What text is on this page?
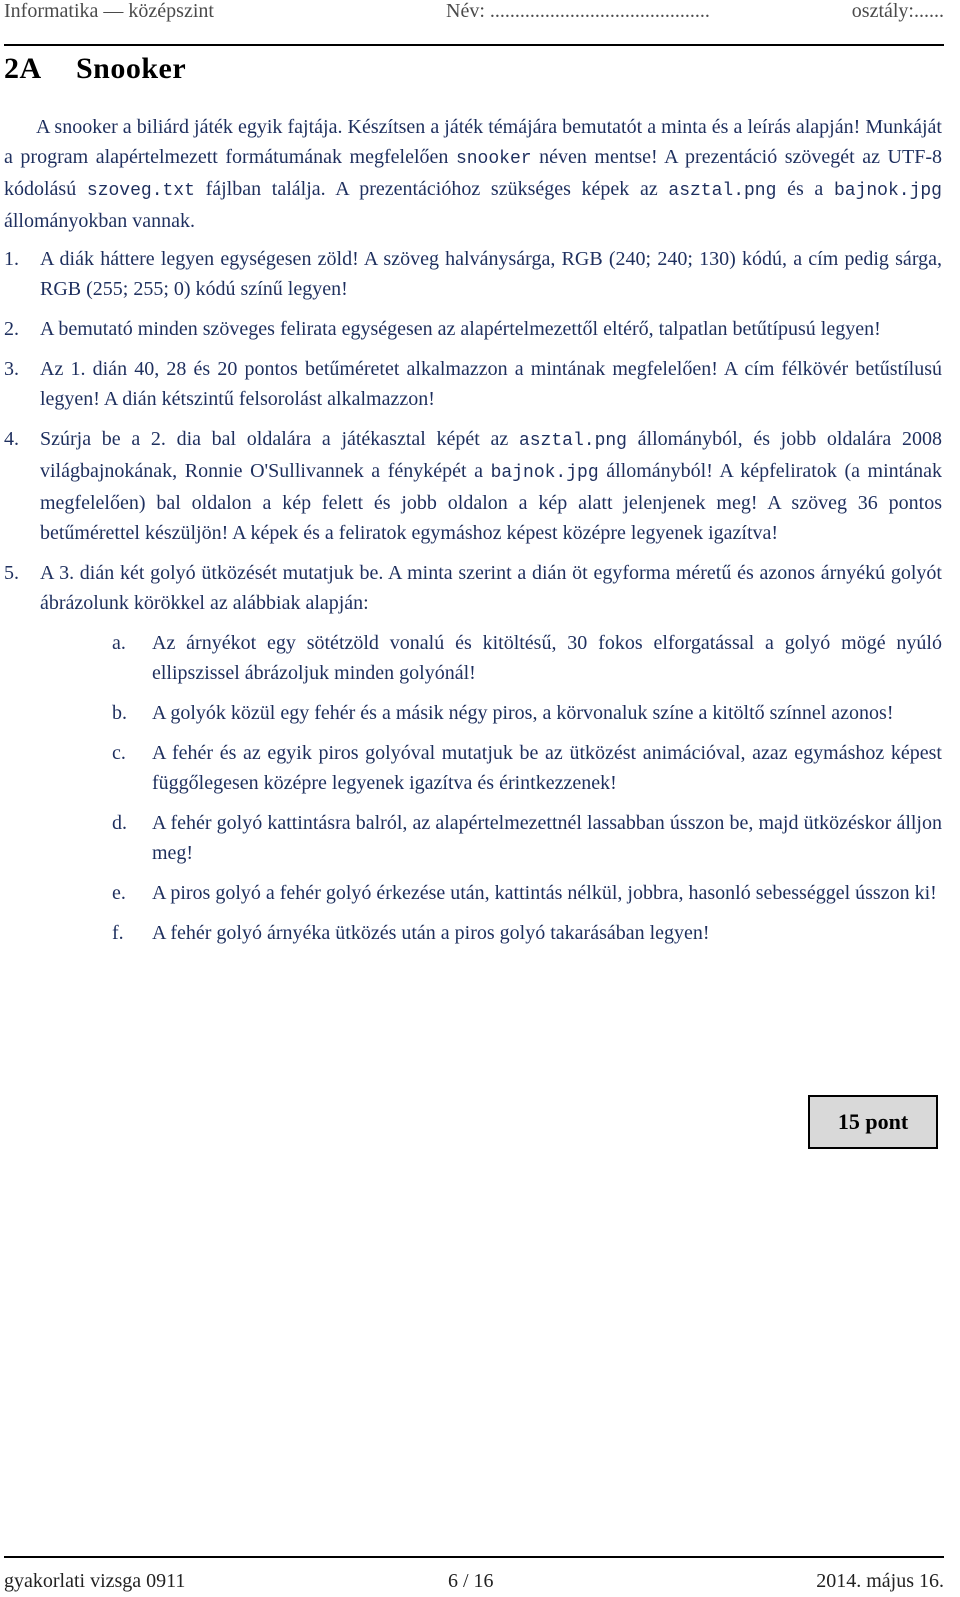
Informatika — középszint	Név: ............................................	osztály:......
2A Snooker

A snooker a biliárd játék egyik fajtája. Készítsen a játék témájára bemutatót a minta és a leírás alapján! Munkáját a program alapértelmezett formátumának megfelelően snooker néven mentse! A prezentáció szövegét az UTF-8 kódolású szoveg.txt fájlban találja. A prezentációhoz szükséges képek az asztal.png és a bajnok.jpg állományokban vannak.

1.	A diák háttere legyen egységesen zöld! A szöveg halványsárga, RGB (240; 240; 130) kódú, a cím pedig sárga, RGB (255; 255; 0) kódú színű legyen!
2.	A bemutató minden szöveges felirata egységesen az alapértelmezettől eltérő, talpatlan betűtípusú legyen!
3.	Az 1. dián 40, 28 és 20 pontos betűméretet alkalmazzon a mintának megfelelően! A cím félkövér betűstílusú legyen! A dián kétszintű felsorolást alkalmazzon!
4.	Szúrja be a 2. dia bal oldalára a játékasztal képét az asztal.png állományból, és jobb oldalára 2008 világbajnokának, Ronnie O'Sullivannek a fényképét a bajnok.jpg állományból! A képfeliratok (a mintának megfelelően) bal oldalon a kép felett és jobb oldalon a kép alatt jelenjenek meg! A szöveg 36 pontos betűmérettel készüljön! A képek és a feliratok egymáshoz képest középre legyenek igazítva!
5.	A 3. dián két golyó ütközését mutatjuk be. A minta szerint a dián öt egyforma méretű és azonos árnyékú golyót ábrázolunk körökkel az alábbiak alapján:
a.	Az árnyékot egy sötétzöld vonalú és kitöltésű, 30 fokos elforgatással a golyó mögé nyúló ellipszissel ábrázoljuk minden golyónál!
b.	A golyók közül egy fehér és a másik négy piros, a körvonaluk színe a kitöltő színnel azonos!
c.	A fehér és az egyik piros golyóval mutatjuk be az ütközést animációval, azaz egymáshoz képest függőlegesen középre legyenek igazítva és érintkezzenek!
d.	A fehér golyó kattintásra balról, az alapértelmezettnél lassabban ússzon be, majd ütközéskor álljon meg!
e.	A piros golyó a fehér golyó érkezése után, kattintás nélkül, jobbra, hasonló sebességgel ússzon ki!
f.	A fehér golyó árnyéka ütközés után a piros golyó takarásában legyen!
15 pont
gyakorlati vizsga 0911	6 / 16	2014. május 16.
